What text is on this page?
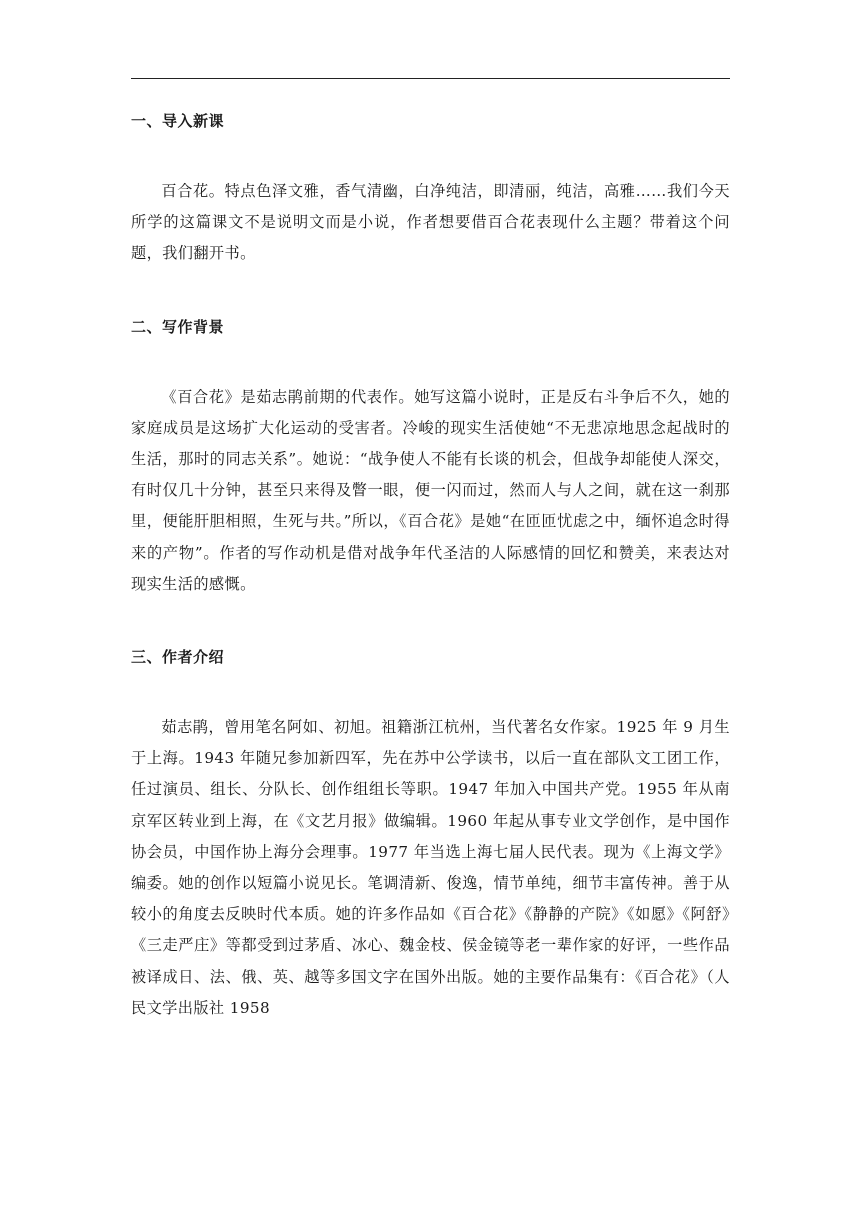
一、导入新课

百合花。特点色泽文雅，香气清幽，白净纯洁，即清丽，纯洁，高雅……我们今天所学的这篇课文不是说明文而是小说，作者想要借百合花表现什么主题？带着这个问题，我们翻开书。

二、写作背景

《百合花》是茹志鹃前期的代表作。她写这篇小说时，正是反右斗争后不久，她的家庭成员是这场扩大化运动的受害者。冷峻的现实生活使她“不无悲凉地思念起战时的生活，那时的同志关系”。她说：“战争使人不能有长谈的机会，但战争却能使人深交，有时仅几十分钟，甚至只来得及瞥一眼，便一闪而过，然而人与人之间，就在这一刹那里，便能肝胆相照，生死与共。”所以，《百合花》是她“在匝匝忧虑之中，缅怀追念时得来的产物”。作者的写作动机是借对战争年代圣洁的人际感情的回忆和赞美，来表达对现实生活的感慨。

三、作者介绍

茹志鹃，曾用笔名阿如、初旭。祖籍浙江杭州，当代著名女作家。1925 年 9 月生于上海。1943 年随兄参加新四军，先在苏中公学读书，以后一直在部队文工团工作，任过演员、组长、分队长、创作组组长等职。1947 年加入中国共产党。1955 年从南京军区转业到上海，在《文艺月报》做编辑。1960 年起从事专业文学创作，是中国作协会员，中国作协上海分会理事。1977 年当选上海七届人民代表。现为《上海文学》编委。她的创作以短篇小说见长。笔调清新、俊逸，情节单纯，细节丰富传神。善于从较小的角度去反映时代本质。她的许多作品如《百合花》《静静的产院》《如愿》《阿舒》《三走严庄》等都受到过茅盾、冰心、魏金枝、侯金镜等老一辈作家的好评，一些作品被译成日、法、俄、英、越等多国文字在国外出版。她的主要作品集有：《百合花》（人民文学出版社 1958
